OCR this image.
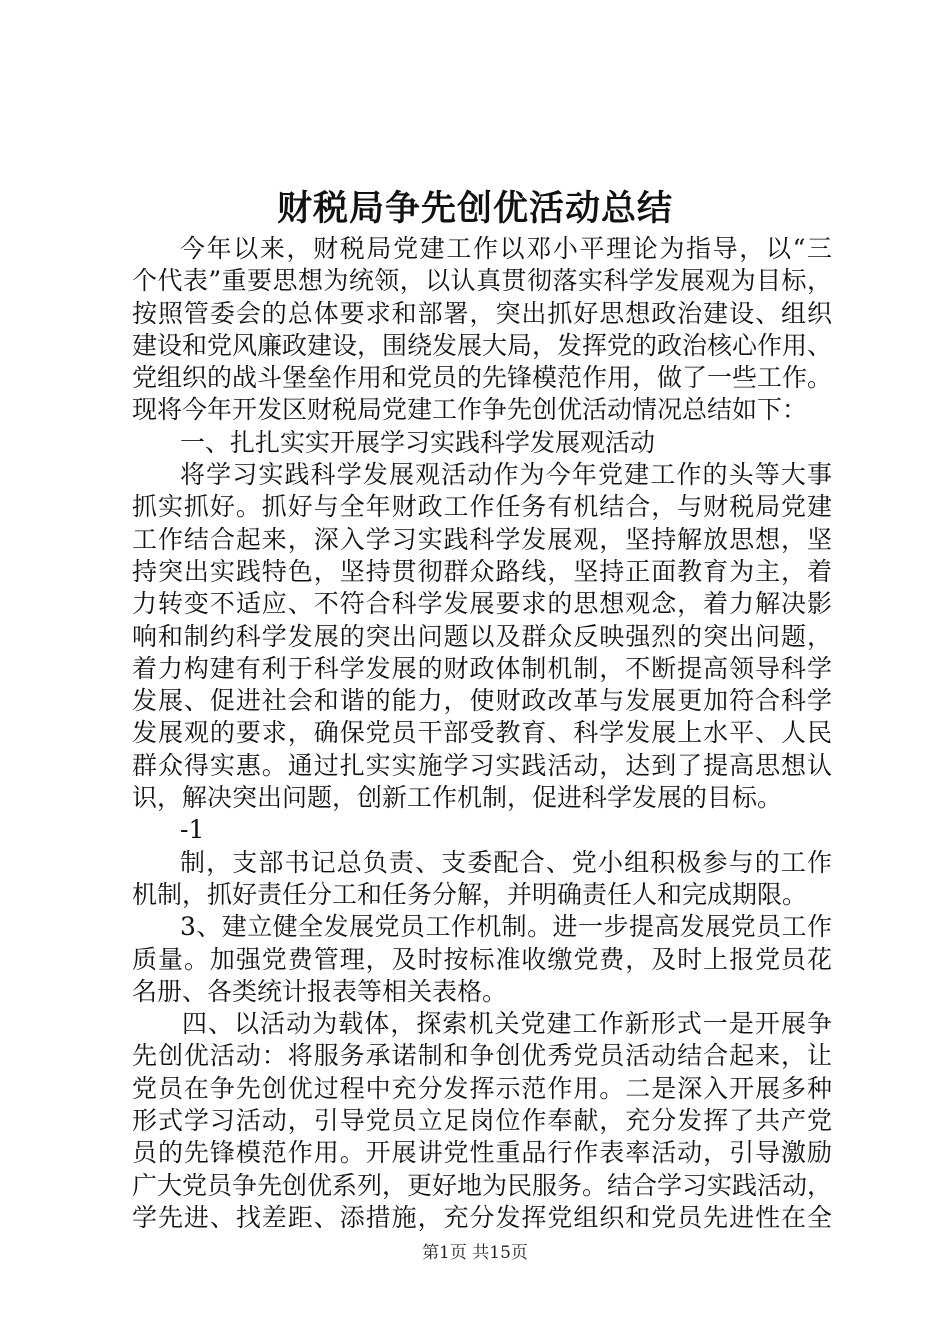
财税局争先创优活动总结
今年以来，财税局党建工作以邓小平理论为指导，以“三
个代表”重要思想为统领，以认真贯彻落实科学发展观为目标，
按照管委会的总体要求和部署，突出抓好思想政治建设、组织
建设和党风廉政建设，围绕发展大局，发挥党的政治核心作用、
党组织的战斗堡垒作用和党员的先锋模范作用，做了一些工作。
现将今年开发区财税局党建工作争先创优活动情况总结如下：
一、扎扎实实开展学习实践科学发展观活动
将学习实践科学发展观活动作为今年党建工作的头等大事
抓实抓好。抓好与全年财政工作任务有机结合，与财税局党建
工作结合起来，深入学习实践科学发展观，坚持解放思想，坚
持突出实践特色，坚持贯彻群众路线，坚持正面教育为主，着
力转变不适应、不符合科学发展要求的思想观念，着力解决影
响和制约科学发展的突出问题以及群众反映强烈的突出问题，
着力构建有利于科学发展的财政体制机制，不断提高领导科学
发展、促进社会和谐的能力，使财政改革与发展更加符合科学
发展观的要求，确保党员干部受教育、科学发展上水平、人民
群众得实惠。通过扎实实施学习实践活动，达到了提高思想认
识，解决突出问题，创新工作机制，促进科学发展的目标。
-1
制，支部书记总负责、支委配合、党小组积极参与的工作
机制，抓好责任分工和任务分解，并明确责任人和完成期限。
3、建立健全发展党员工作机制。进一步提高发展党员工作
质量。加强党费管理，及时按标准收缴党费，及时上报党员花
名册、各类统计报表等相关表格。
四、以活动为载体，探索机关党建工作新形式一是开展争
先创优活动：将服务承诺制和争创优秀党员活动结合起来，让
党员在争先创优过程中充分发挥示范作用。二是深入开展多种
形式学习活动，引导党员立足岗位作奉献，充分发挥了共产党
员的先锋模范作用。开展讲党性重品行作表率活动，引导激励
广大党员争先创优系列，更好地为民服务。结合学习实践活动，
学先进、找差距、添措施，充分发挥党组织和党员先进性在全
第1页 共15页
